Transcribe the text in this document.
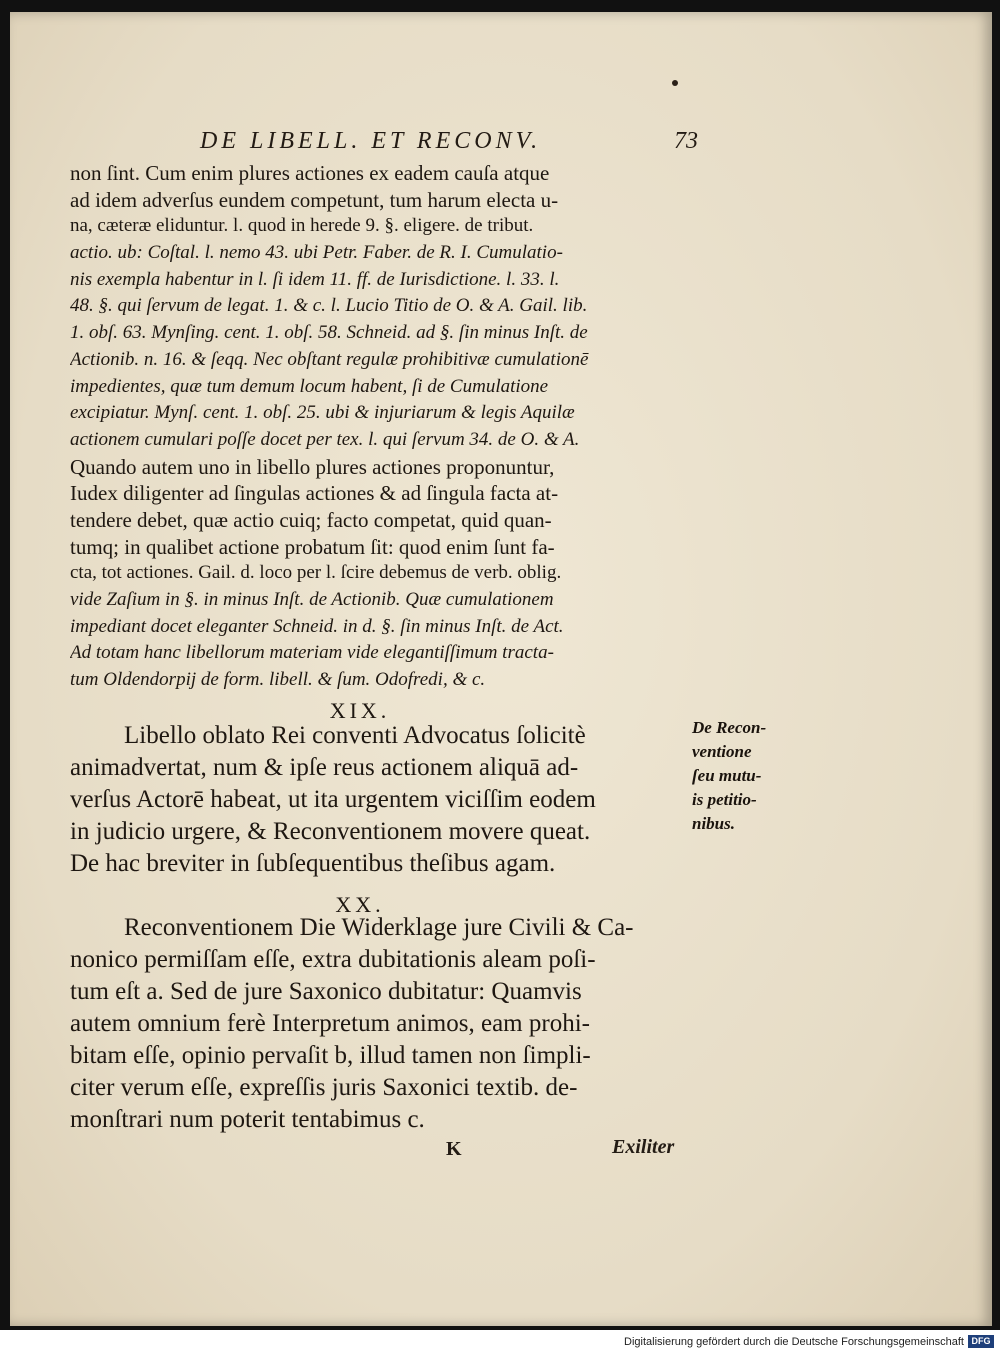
DE LIBELL. ET RECONV.	73
non ſint. Cum enim plures actiones ex eadem cauſa atque
ad idem adverſus eundem competunt, tum harum electa u-
na, cæteræ eliduntur. l. quod in herede 9. §. eligere. de tribut.
actio. ub: Coſtal. l. nemo 43. ubi Petr. Faber. de R. I. Cumulatio-
nis exempla habentur in l. ſi idem 11. ff. de Iurisdictione. l. 33. l.
48. §. qui ſervum de legat. 1. & c. l. Lucio Titio de O. & A. Gail. lib.
1. obſ. 63. Mynſing. cent. 1. obſ. 58. Schneid. ad §. ſin minus Inſt. de
Actionib. n. 16. & ſeqq. Nec obſtant regulæ prohibitivæ cumulationē
impedientes, quæ tum demum locum habent, ſi de Cumulatione
excipiatur. Mynſ. cent. 1. obſ. 25. ubi & injuriarum & legis Aquilæ
actionem cumulari poſſe docet per tex. l. qui ſervum 34. de O. & A.
Quando autem uno in libello plures actiones proponuntur,
Iudex diligenter ad ſingulas actiones & ad ſingula facta at-
tendere debet, quæ actio cuiq; facto competat, quid quan-
tumq; in qualibet actione probatum ſit: quod enim ſunt fa-
cta, tot actiones. Gail. d. loco per l. ſcire debemus de verb. oblig.
vide Zaſium in §. in minus Inſt. de Actionib. Quæ cumulationem
impediant docet eleganter Schneid. in d. §. ſin minus Inſt. de Act.
Ad totam hanc libellorum materiam vide elegantiſſimum tracta-
tum Oldendorpij de form. libell. & ſum. Odofredi, & c.
XIX.
Libello oblato Rei conventi Advocatus ſolicitè
animadvertat, num & ipſe reus actionem aliquā ad-
verſus Actorē habeat, ut ita urgentem viciſſim eodem
in judicio urgere, & Reconventionem movere queat.
De hac breviter in ſubſequentibus theſibus agam.
De Recon-
ventione
ſeu mutu-
is petitio-
nibus.
XX.
Reconventionem Die Widerklage jure Civili & Ca-
nonico permiſſam eſſe, extra dubitationis aleam poſi-
tum eſt a. Sed de jure Saxonico dubitatur: Quamvis
autem omnium ferè Interpretum animos, eam prohi-
bitam eſſe, opinio pervaſit b, illud tamen non ſimpli-
citer verum eſſe, expreſſis juris Saxonici textib. de-
monſtrari num poterit tentabimus c.
K	Exiliter
Digitalisierung gefördert durch die Deutsche Forschungsgemeinschaft DFG
